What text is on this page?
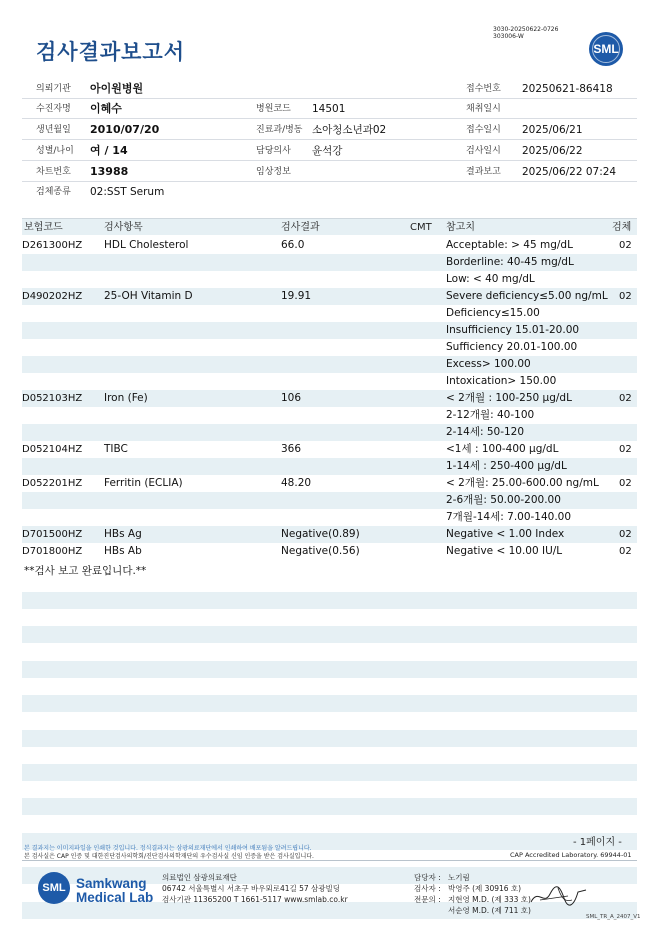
검사결과보고서
3030-20250622-0726
303006-W
SML
의뢰기관 아이원병원	접수번호 20250621-86418
수진자명 이혜수	병원코드 14501	채취일시
생년월일 2010/07/20	진료과/병동 소아청소년과02	접수일시 2025/06/21
성별/나이 여 / 14	담당의사 윤석강	검사일시 2025/06/22
차트번호 13988	임상정보	결과보고 2025/06/22 07:24
검체종류 02:SST Serum
보험코드	검사항목	검사결과	CMT 참고치	검체
D261300HZ HDL Cholesterol	66.0	Acceptable: > 45 mg/dL	02
Borderline: 40-45 mg/dL
Low: < 40 mg/dL
D490202HZ 25-OH Vitamin D	19.91	Severe deficiency≤5.00 ng/mL 02
Deficiency≤15.00
Insufficiency 15.01-20.00
Sufficiency 20.01-100.00
Excess> 100.00
Intoxication> 150.00
D052103HZ Iron (Fe)	106	< 2개월 : 100-250 μg/dL	02
2-12개월: 40-100
2-14세: 50-120
D052104HZ TIBC	366	<1세 : 100-400 μg/dL	02
1-14세 : 250-400 μg/dL
D052201HZ Ferritin (ECLIA)	48.20	< 2개월: 25.00-600.00 ng/mL 02
2-6개월: 50.00-200.00
7개월-14세: 7.00-140.00
D701500HZ HBs Ag	Negative(0.89)	Negative < 1.00 Index	02
D701800HZ HBs Ab	Negative(0.56)	Negative < 10.00 IU/L	02
**검사 보고 완료입니다.**
- 1페이지 -
본 결과지는 이미지파일을 인쇄한 것입니다. 정식결과지는 삼광의료재단에서 인쇄하여 배포됨을 알려드립니다.
본 검사실은 CAP 인증 및 대한진단검사의학회/진단검사의학재단의 우수검사실 신임 인증을 받은 검사실입니다.	CAP Accredited Laboratory. 69944-01
SML Samkwang
Medical Lab
의료법인 삼광의료재단
06742 서울특별시 서초구 바우뫼로41길 57 삼광빌딩
검사기관 11365200 T 1661-5117 www.smlab.co.kr
담당자 : 노기림
검사자 : 박영주 (제 30916 호)
전문의 : 지현영 M.D. (제 333 호)
서순영 M.D. (제 711 호)
SML_TR_A_2407_V1
